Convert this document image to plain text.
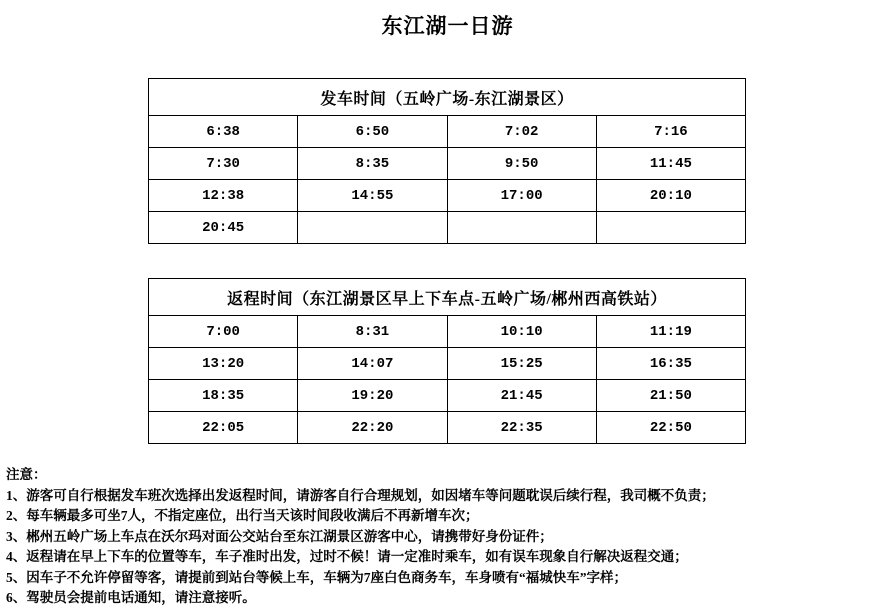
东江湖一日游
发车时间（五岭广场-东江湖景区）			
6:38	6:50	7:02	7:16
7:30	8:35	9:50	11:45
12:38	14:55	17:00	20:10
20:45			
返程时间（东江湖景区早上下车点-五岭广场/郴州西高铁站）			
7:00	8:31	10:10	11:19
13:20	14:07	15:25	16:35
18:35	19:20	21:45	21:50
22:05	22:20	22:35	22:50
注意：
1、游客可自行根据发车班次选择出发返程时间，请游客自行合理规划，如因堵车等问题耽误后续行程，我司概不负责；
2、每车辆最多可坐7人，不指定座位，出行当天该时间段收满后不再新增车次；
3、郴州五岭广场上车点在沃尔玛对面公交站台至东江湖景区游客中心，请携带好身份证件；
4、返程请在早上下车的位置等车，车子准时出发，过时不候！请一定准时乘车，如有误车现象自行解决返程交通；
5、因车子不允许停留等客，请提前到站台等候上车，车辆为7座白色商务车，车身喷有“福城快车”字样；
6、驾驶员会提前电话通知，请注意接听。
